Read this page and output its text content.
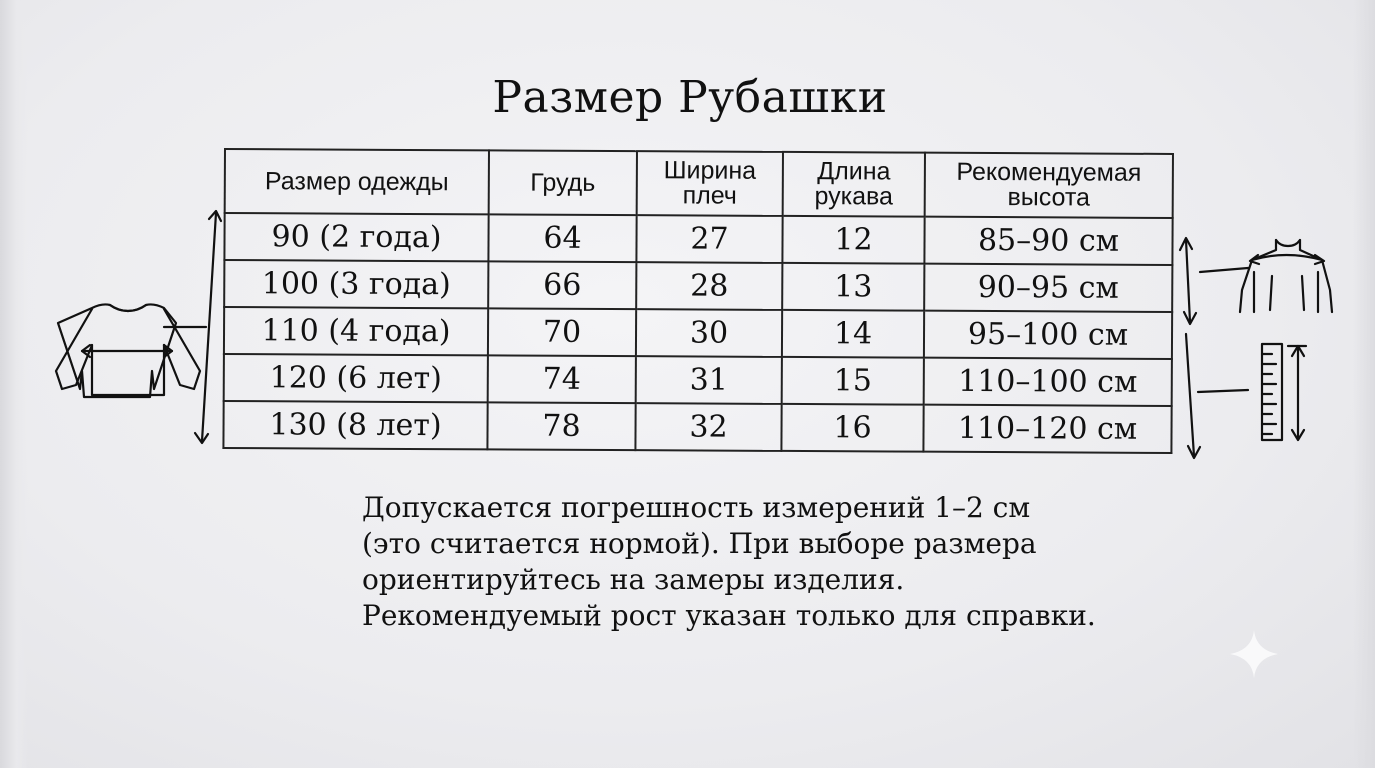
Размер Рубашки
Размер одежды	Грудь	Ширина плеч	Длина рукава	Рекомендуемая высота
90 (2 года)	64	27	12	85–90 см
100 (3 года)	66	28	13	90–95 см
110 (4 года)	70	30	14	95–100 см
120 (6 лет)	74	31	15	110–100 см
130 (8 лет)	78	32	16	110–120 см
Допускается погрешность измерений 1–2 см
(это считается нормой). При выборе размера
ориентируйтесь на замеры изделия.
Рекомендуемый рост указан только для справки.
